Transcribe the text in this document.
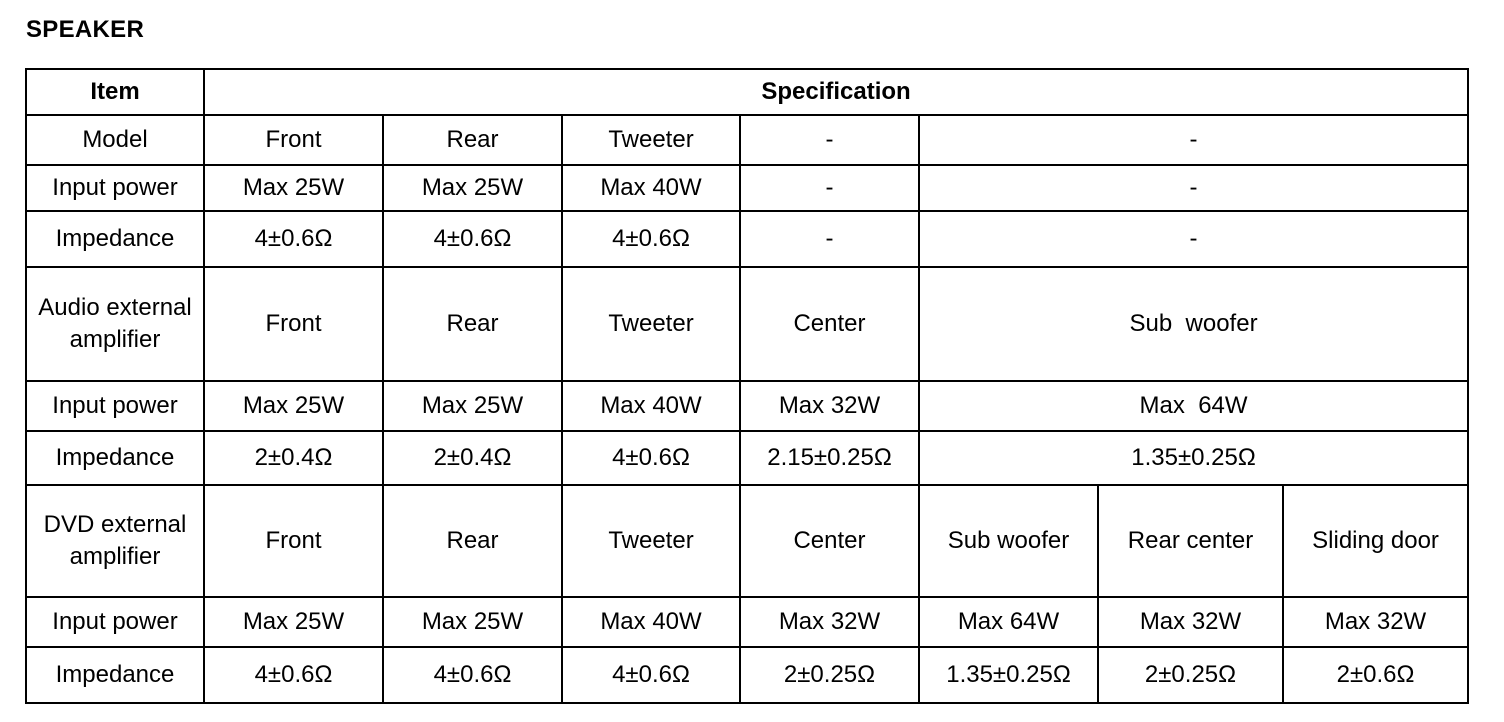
SPEAKER
Item	Specification						
Model	Front	Rear	Tweeter	-	-		
Input power	Max 25W	Max 25W	Max 40W	-	-		
Impedance	4±0.6Ω	4±0.6Ω	4±0.6Ω	-	-		
Audio external amplifier	Front	Rear	Tweeter	Center	Sub  woofer		
Input power	Max 25W	Max 25W	Max 40W	Max 32W	Max  64W		
Impedance	2±0.4Ω	2±0.4Ω	4±0.6Ω	2.15±0.25Ω	1.35±0.25Ω		
DVD external amplifier	Front	Rear	Tweeter	Center	Sub woofer	Rear center	Sliding door
Input power	Max 25W	Max 25W	Max 40W	Max 32W	Max 64W	Max 32W	Max 32W
Impedance	4±0.6Ω	4±0.6Ω	4±0.6Ω	2±0.25Ω	1.35±0.25Ω	2±0.25Ω	2±0.6Ω
